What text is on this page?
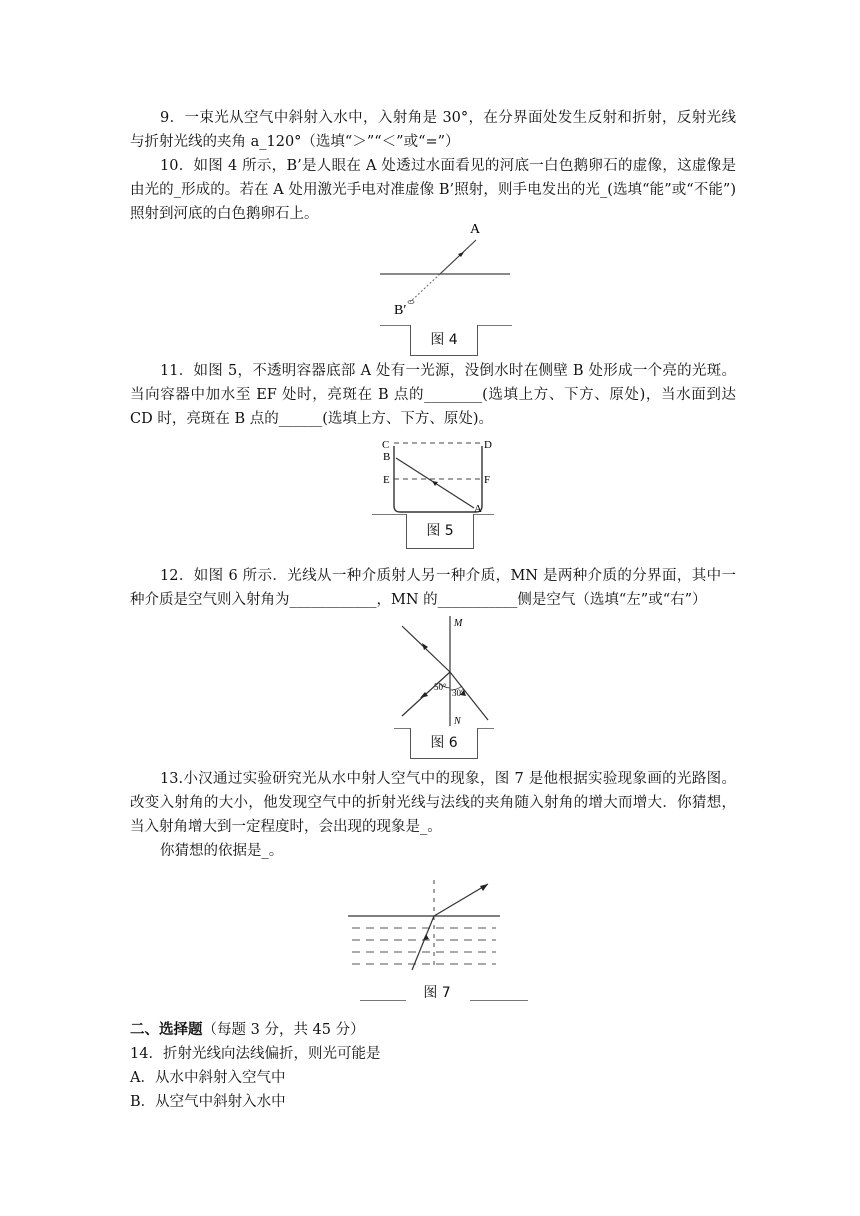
9．一束光从空气中斜射入水中，入射角是 30°，在分界面处发生反射和折射，反射光线与折射光线的夹角 a_120°（选填“＞”“＜”或“=”）

10．如图 4 所示，B’是人眼在 A 处透过水面看见的河底一白色鹅卵石的虚像，这虚像是由光的_形成的。若在 A 处用激光手电对准虚像 B’照射，则手电发出的光_(选填“能”或“不能”)照射到河底的白色鹅卵石上。

A
B′
图 4

11．如图 5，不透明容器底部 A 处有一光源，没倒水时在侧壁 B 处形成一个亮的光斑。当向容器中加水至 EF 处时，亮斑在 B 点的________(选填上方、下方、原处)，当水面到达 CD 时，亮斑在 B 点的______(选填上方、下方、原处)。

C	D
B
E	F
A
图 5

12．如图 6 所示．光线从一种介质射人另一种介质，MN 是两种介质的分界面，其中一种介质是空气则入射角为____________，MN 的___________侧是空气（选填“左”或“右”）

M
N
50°
30°
图 6

13.小汉通过实验研究光从水中射人空气中的现象，图 7 是他根据实验现象画的光路图。改变入射角的大小，他发现空气中的折射光线与法线的夹角随入射角的增大而增大．你猜想，当入射角增大到一定程度时，会出现的现象是_。

你猜想的依据是_。

图 7

二、选择题（每题 3 分，共 45 分）

14．折射光线向法线偏折，则光可能是

A．从水中斜射入空气中

B．从空气中斜射入水中
